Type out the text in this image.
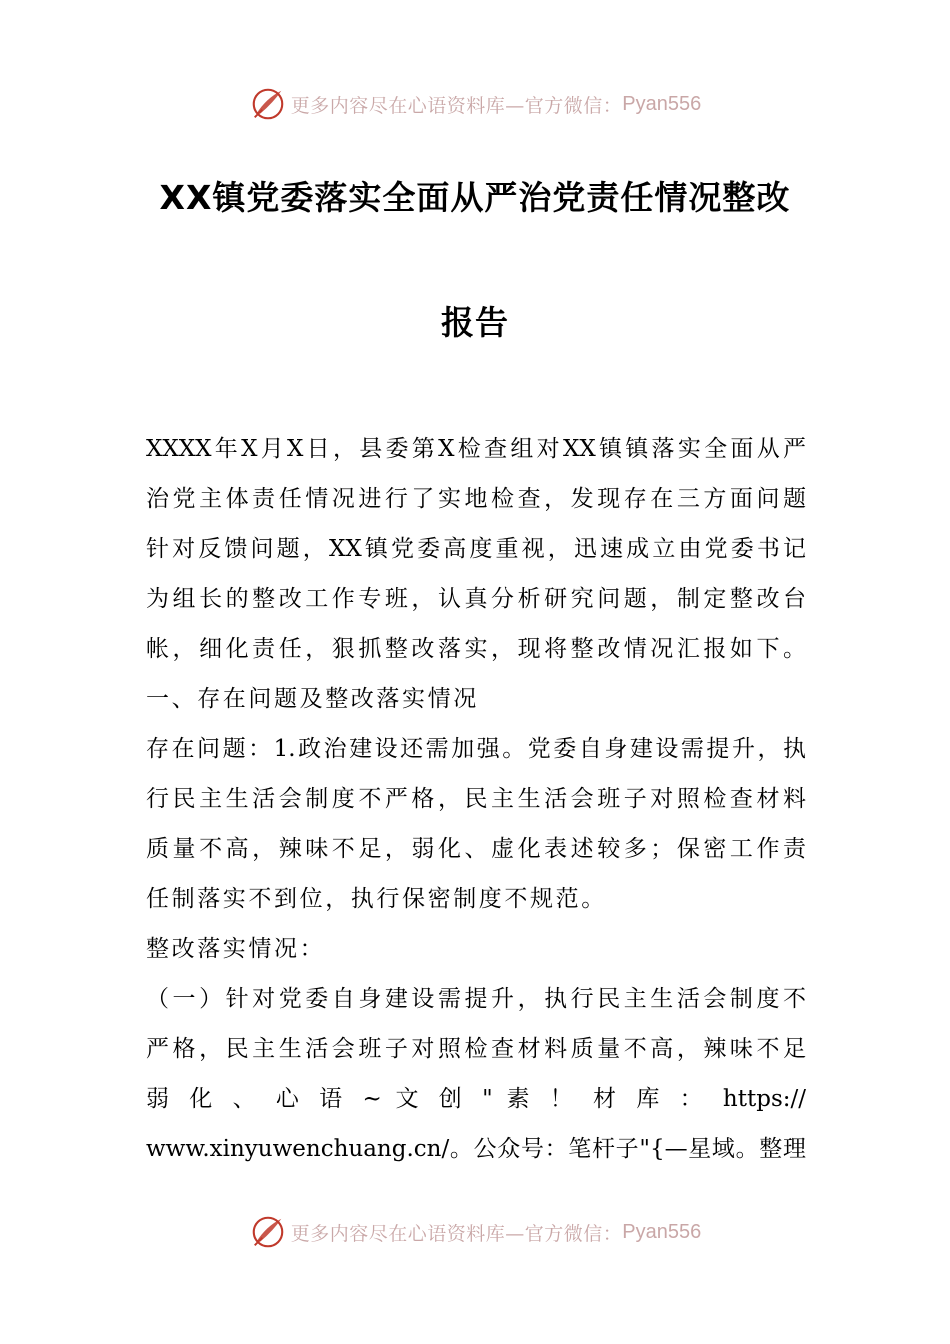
更多内容尽在心语资料库—官方微信： Pyan556
XX镇党委落实全面从严治党责任情况整改
报告
XXXX年X月X日，县委第X检查组对XX镇镇落实全面从严
治党主体责任情况进行了实地检查，发现存在三方面问题
针对反馈问题，XX镇党委高度重视，迅速成立由党委书记
为组长的整改工作专班，认真分析研究问题，制定整改台
帐，细化责任，狠抓整改落实，现将整改情况汇报如下。
一、存在问题及整改落实情况
存在问题：1.政治建设还需加强。党委自身建设需提升，执
行民主生活会制度不严格，民主生活会班子对照检查材料
质量不高，辣味不足，弱化、虚化表述较多；保密工作责
任制落实不到位，执行保密制度不规范。
整改落实情况：
（一）针对党委自身建设需提升，执行民主生活会制度不
严格，民主生活会班子对照检查材料质量不高，辣味不足
弱 化 、 心 语 ~ 文 创 " 素 ！ 材 库 ： https://
www.xinyuwenchuang.cn/。公众号：笔杆子"{—星域。整理
更多内容尽在心语资料库—官方微信： Pyan556
